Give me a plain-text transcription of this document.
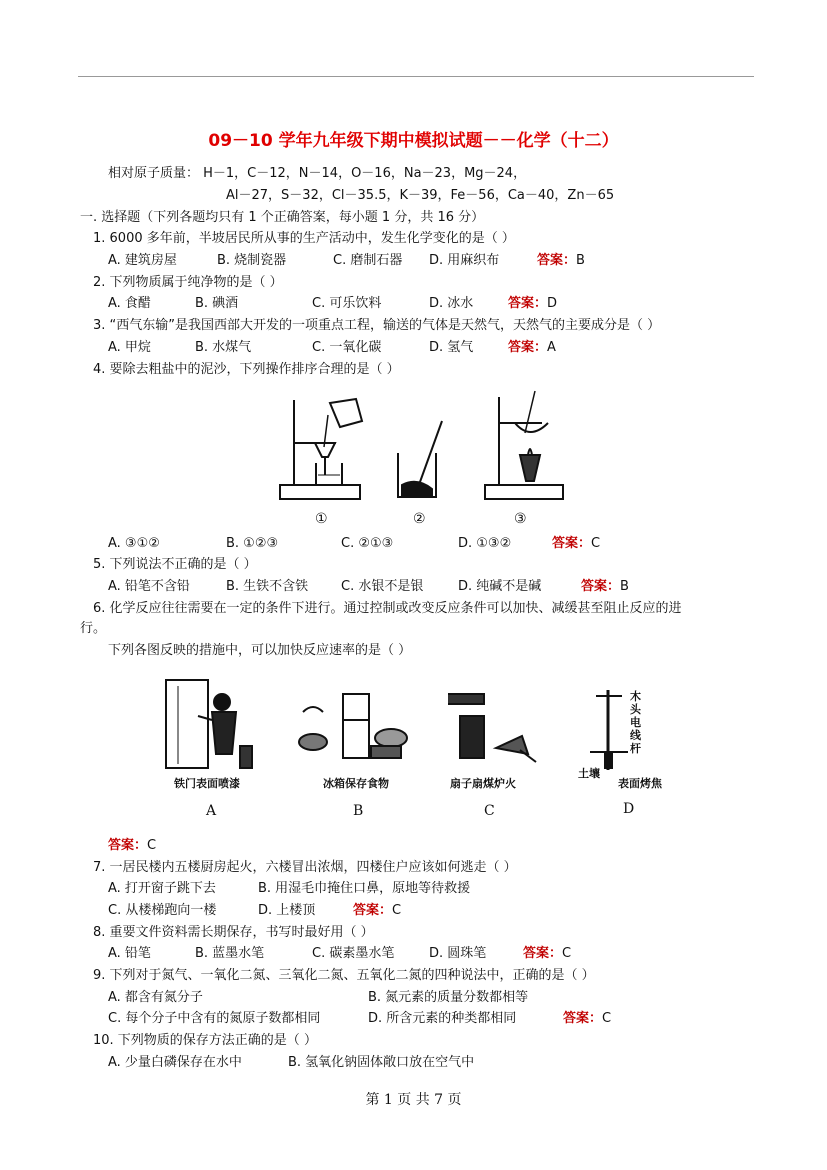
09－10 学年九年级下期中模拟试题－－化学（十二）
相对原子质量： H－1，C－12，N－14，O－16，Na－23，Mg－24，
Al－27，S－32，Cl－35.5，K－39，Fe－56，Ca－40，Zn－65
一. 选择题（下列各题均只有 1 个正确答案，每小题 1 分，共 16 分）
1. 6000 多年前，半坡居民所从事的生产活动中，发生化学变化的是（ ）
A. 建筑房屋	B. 烧制瓷器	C. 磨制石器 D. 用麻织布	答案：B
2. 下列物质属于纯净物的是（ ）
A. 食醋	B. 碘酒	C. 可乐饮料	D. 冰水	答案：D
3. “西气东输”是我国西部大开发的一项重点工程，输送的气体是天然气，天然气的主要成分是（ ）
A. 甲烷	B. 水煤气	C. 一氧化碳	D. 氢气	答案：A
4. 要除去粗盐中的泥沙，下列操作排序合理的是（ ）
①	②	③
A. ③①②	B. ①②③	C. ②①③	D. ①③②	答案：C
5. 下列说法不正确的是（ ）
A. 铅笔不含铅	B. 生铁不含铁	C. 水银不是银	D. 纯碱不是碱	答案：B
6. 化学反应往往需要在一定的条件下进行。通过控制或改变反应条件可以加快、减缓甚至阻止反应的进
行。
下列各图反映的措施中，可以加快反应速率的是（ ）
木头电线杆
土壤
铁门表面喷漆	冰箱保存食物	扇子扇煤炉火	表面烤焦
A	B	C	D
答案：C
7. 一居民楼内五楼厨房起火，六楼冒出浓烟，四楼住户应该如何逃走（ ）
A. 打开窗子跳下去	B. 用湿毛巾掩住口鼻，原地等待救援
C. 从楼梯跑向一楼	D. 上楼顶	答案：C
8. 重要文件资料需长期保存，书写时最好用（ ）
A. 铅笔	B. 蓝墨水笔	C. 碳素墨水笔	D. 圆珠笔	答案：C
9. 下列对于氮气、一氧化二氮、三氧化二氮、五氧化二氮的四种说法中，正确的是（ ）
A. 都含有氮分子	B. 氮元素的质量分数都相等
C. 每个分子中含有的氮原子数都相同	D. 所含元素的种类都相同	答案：C
10. 下列物质的保存方法正确的是（ ）
A. 少量白磷保存在水中	B. 氢氧化钠固体敞口放在空气中
第 1 页 共 7 页
